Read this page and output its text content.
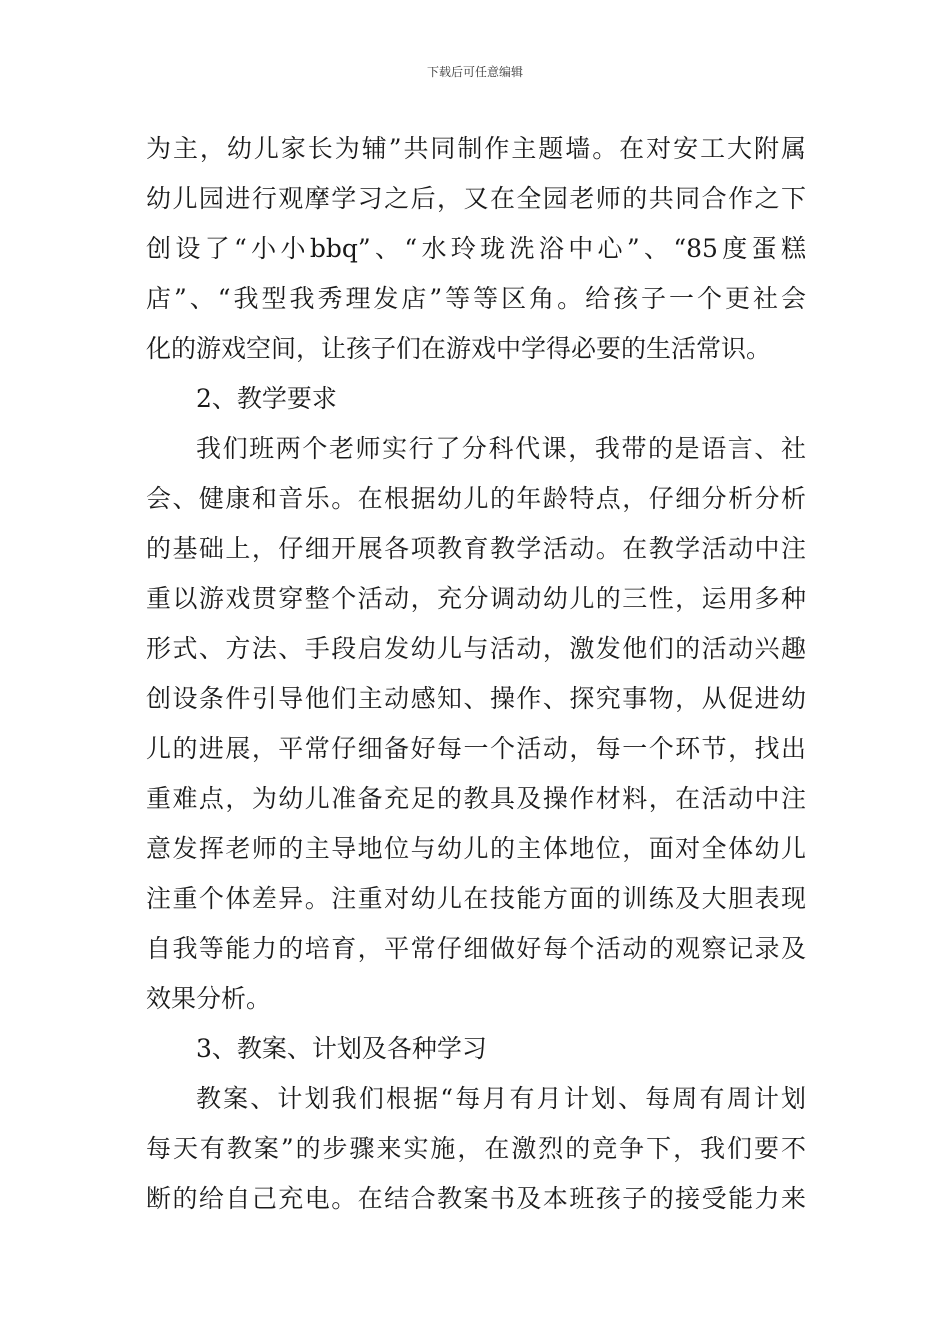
下载后可任意编辑
为主，幼儿家长为辅”共同制作主题墙。在对安工大附属
幼儿园进行观摩学习之后，又在全园老师的共同合作之下
创设了“小小bbq”、“水玲珑洗浴中心”、“85度蛋糕
店”、“我型我秀理发店”等等区角。给孩子一个更社会
化的游戏空间，让孩子们在游戏中学得必要的生活常识。
2、教学要求
我们班两个老师实行了分科代课，我带的是语言、社
会、健康和音乐。在根据幼儿的年龄特点，仔细分析分析
的基础上，仔细开展各项教育教学活动。在教学活动中注
重以游戏贯穿整个活动，充分调动幼儿的三性，运用多种
形式、方法、手段启发幼儿与活动，激发他们的活动兴趣
创设条件引导他们主动感知、操作、探究事物，从促进幼
儿的进展，平常仔细备好每一个活动，每一个环节，找出
重难点，为幼儿准备充足的教具及操作材料，在活动中注
意发挥老师的主导地位与幼儿的主体地位，面对全体幼儿
注重个体差异。注重对幼儿在技能方面的训练及大胆表现
自我等能力的培育，平常仔细做好每个活动的观察记录及
效果分析。
3、教案、计划及各种学习
教案、计划我们根据“每月有月计划、每周有周计划
每天有教案”的步骤来实施，在激烈的竞争下，我们要不
断的给自己充电。在结合教案书及本班孩子的接受能力来
